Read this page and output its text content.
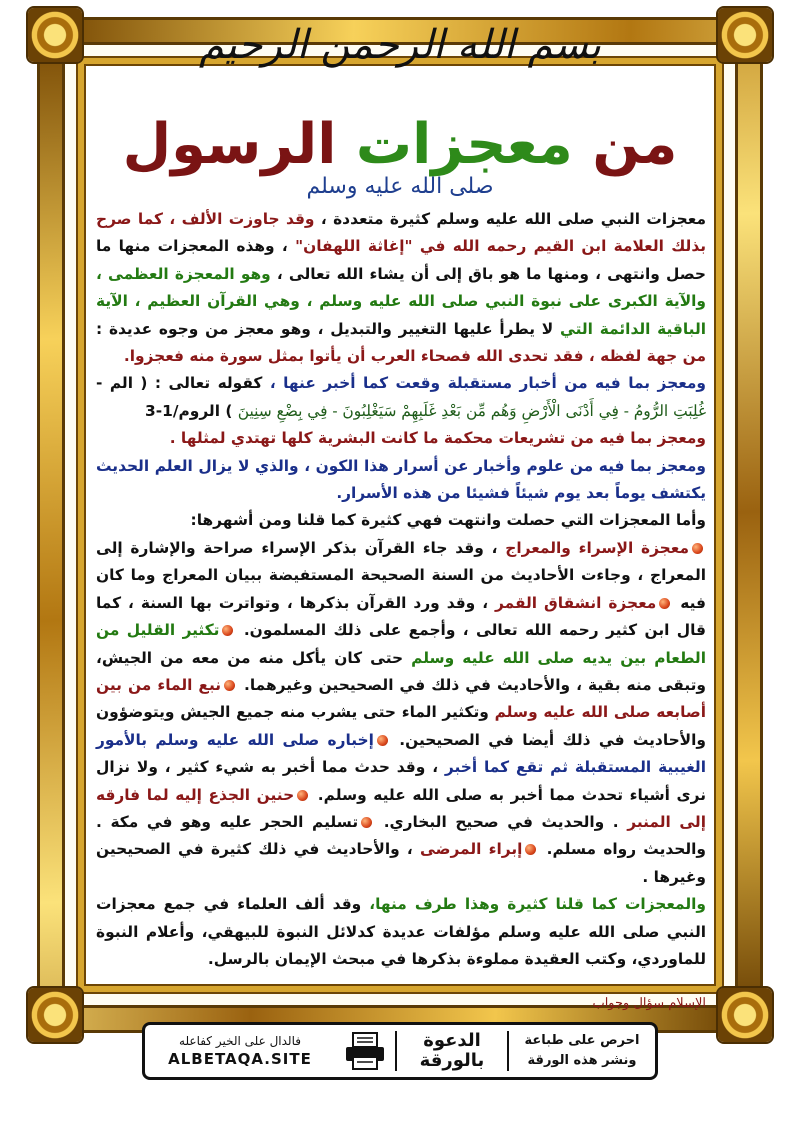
بسم الله الرحمن الرحيم
من معجزات الرسول
صلى الله عليه وسلم

معجزات النبي صلى الله عليه وسلم كثيرة متعددة ، وقد جاوزت الألف ، كما صرح بذلك العلامة ابن القيم رحمه الله في "إغاثة اللهفان" ، وهذه المعجزات منها ما حصل وانتهى ، ومنها ما هو باق إلى أن يشاء الله تعالى ، وهو المعجزة العظمى ، والآية الكبرى على نبوة النبي صلى الله عليه وسلم ، وهي القرآن العظيم ، الآية الباقية الدائمة التي لا يطرأ عليها التغيير والتبديل ، وهو معجز من وجوه عديدة : من جهة لفظه ، فقد تحدى الله فصحاء العرب أن يأتوا بمثل سورة منه فعجزوا.

ومعجز بما فيه من أخبار مستقبلة وقعت كما أخبر عنها ، كقوله تعالى : ( الم - غُلِبَتِ الرُّومُ - فِي أَدْنَى الْأَرْضِ وَهُم مِّن بَعْدِ غَلَبِهِمْ سَيَغْلِبُونَ - فِي بِضْعِ سِنِينَ ) الروم/1-3

ومعجز بما فيه من تشريعات محكمة ما كانت البشرية كلها تهتدي لمثلها .

ومعجز بما فيه من علوم وأخبار عن أسرار هذا الكون ، والذي لا يزال العلم الحديث يكتشف يوماً بعد يوم شيئاً فشيئا من هذه الأسرار.

وأما المعجزات التي حصلت وانتهت فهي كثيرة كما قلنا ومن أشهرها:

معجزة الإسراء والمعراج ، وقد جاء القرآن بذكر الإسراء صراحة والإشارة إلى المعراج ، وجاءت الأحاديث من السنة الصحيحة المستفيضة ببيان المعراج وما كان فيه معجزة انشقاق القمر ، وقد ورد القرآن بذكرها ، وتواترت بها السنة ، كما قال ابن كثير رحمه الله تعالى ، وأجمع على ذلك المسلمون. تكثير القليل من الطعام بين يديه صلى الله عليه وسلم حتى كان يأكل منه من معه من الجيش، وتبقى منه بقية ، والأحاديث في ذلك في الصحيحين وغيرهما. نبع الماء من بين أصابعه صلى الله عليه وسلم وتكثير الماء حتى يشرب منه جميع الجيش ويتوضؤون والأحاديث في ذلك أيضا في الصحيحين. إخباره صلى الله عليه وسلم بالأمور الغيبية المستقبلة ثم تقع كما أخبر ، وقد حدث مما أخبر به شيء كثير ، ولا نزال نرى أشياء تحدث مما أخبر به صلى الله عليه وسلم. حنين الجذع إليه لما فارقه إلى المنبر . والحديث في صحيح البخاري. تسليم الحجر عليه وهو في مكة . والحديث رواه مسلم. إبراء المرضى ، والأحاديث في ذلك كثيرة في الصحيحين وغيرها .

والمعجزات كما قلنا كثيرة وهذا طرف منها، وقد ألف العلماء في جمع معجزات النبي صلى الله عليه وسلم مؤلفات عديدة كدلائل النبوة للبيهقي، وأعلام النبوة للماوردي، وكتب العقيدة مملوءة بذكرها في مبحث الإيمان بالرسل.

الإسلام سؤال وجواب
فالدال على الخير كفاعله
ALBETAQA.SITE
الدعوة
بالورقة
احرص على طباعة
ونشر هذه الورقة
